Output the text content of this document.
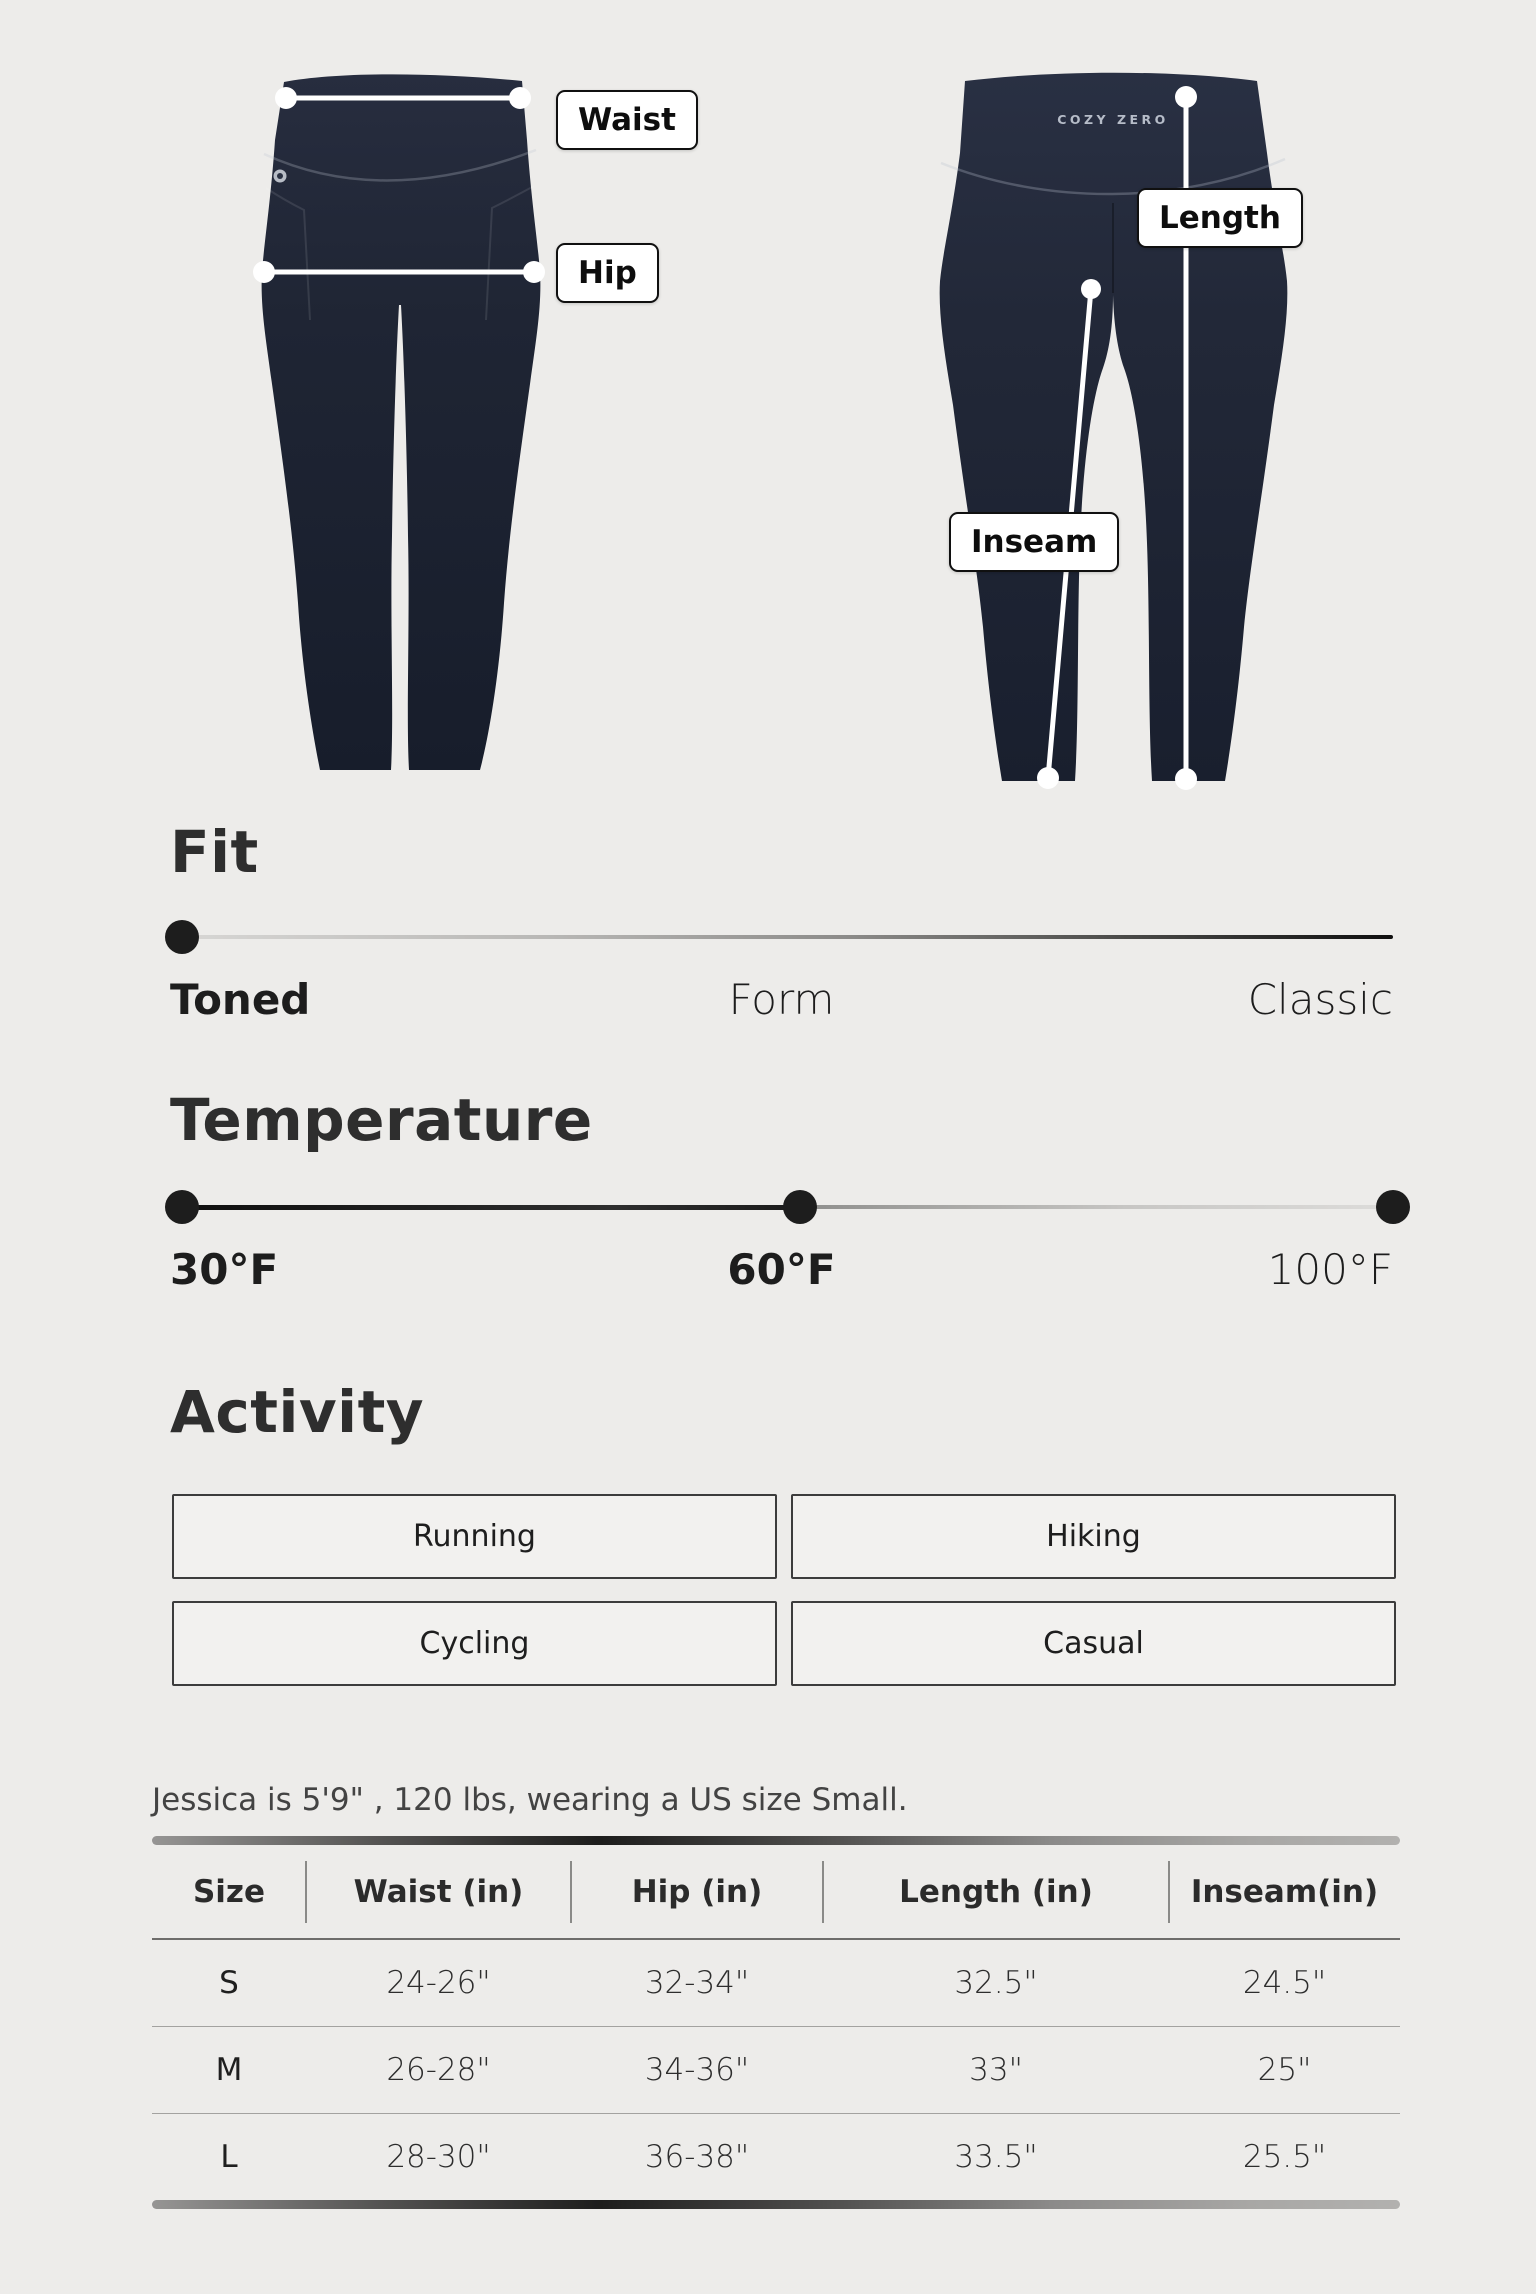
COZY ZERO
Waist
Hip
Length
Inseam
Fit
Toned	Form	Classic
Temperature
30°F	60°F	100°F
Activity
Running	Hiking
Cycling	Casual

Jessica is 5'9" , 120 lbs, wearing a US size Small.

Size	Waist (in)	Hip (in)	Length (in)	Inseam(in)
S	24-26"	32-34"	32.5"	24.5"
M	26-28"	34-36"	33"	25"
L	28-30"	36-38"	33.5"	25.5"
